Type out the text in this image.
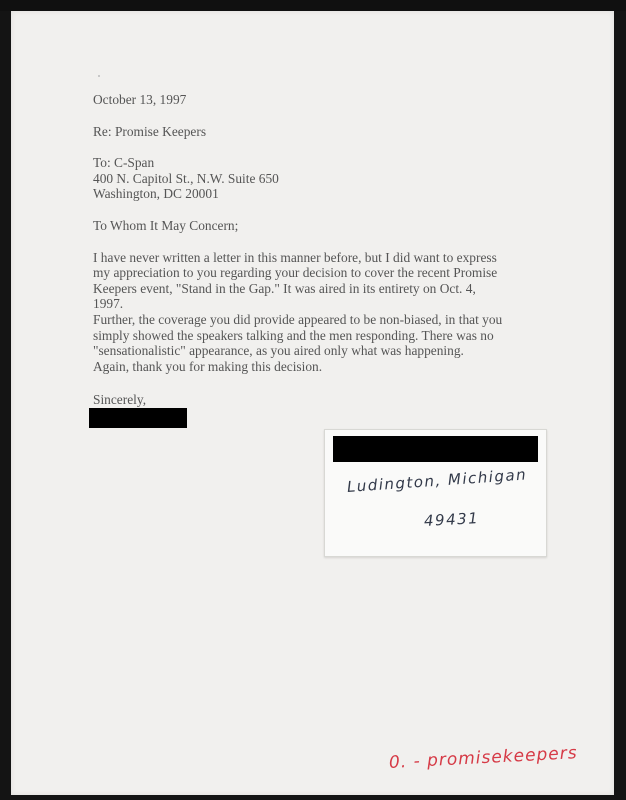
October 13, 1997

Re: Promise Keepers

To: C-Span

400 N. Capitol St., N.W. Suite 650

Washington, DC 20001

To Whom It May Concern;

I have never written a letter in this manner before, but I did want to express
my appreciation to you regarding your decision to cover the recent Promise
Keepers event, "Stand in the Gap." It was aired in its entirety on Oct. 4,
1997.
Further, the coverage you did provide appeared to be non-biased, in that you
simply showed the speakers talking and the men responding. There was no
"sensationalistic" appearance, as you aired only what was happening.
Again, thank you for making this decision.

Sincerely,

Ludington, Michigan
49431
0. - promisekeepers
